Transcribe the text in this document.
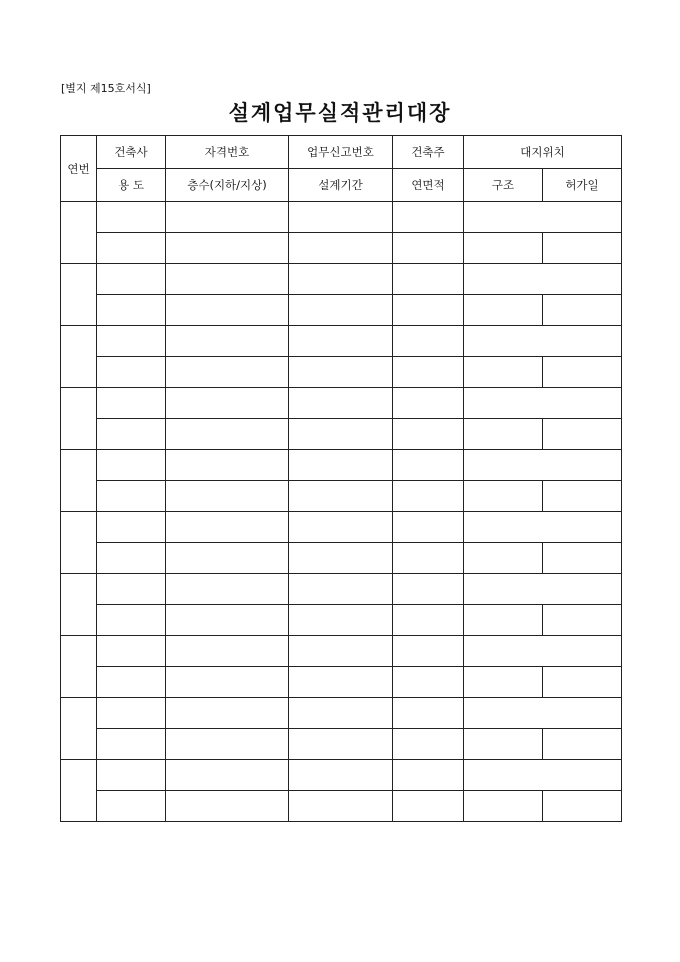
[별지 제15호서식]
설계업무실적관리대장
연번	건축사	자격번호	업무신고번호	건축주	대지위치	
	용 도	층수(지하/지상)	설계기간	연면적	구조	허가일
